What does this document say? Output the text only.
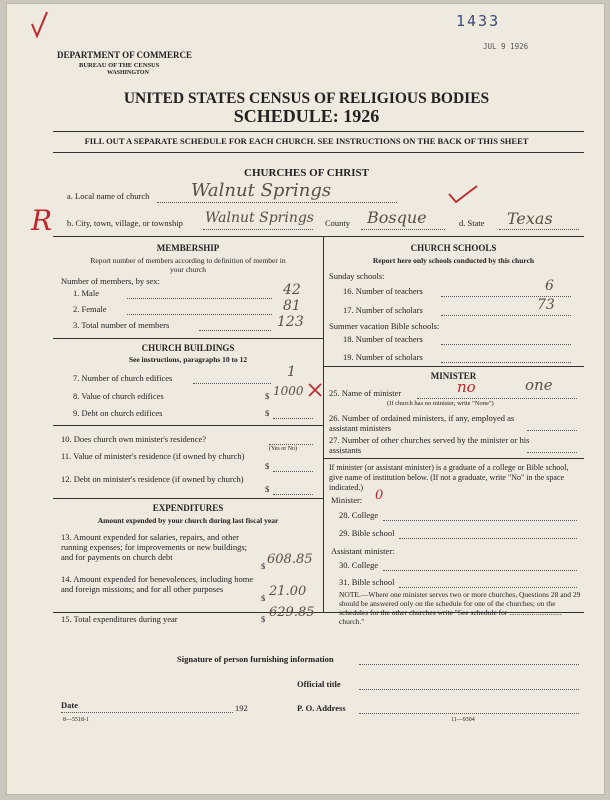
R
1433
JUL 9 1926
DEPARTMENT OF COMMERCE
BUREAU OF THE CENSUS
WASHINGTON
UNITED STATES CENSUS OF RELIGIOUS BODIES
SCHEDULE: 1926
FILL OUT A SEPARATE SCHEDULE FOR EACH CHURCH. SEE INSTRUCTIONS ON THE BACK OF THIS SHEET
CHURCHES OF CHRIST
a. Local name of church Walnut Springs
b. City, town, village, or township Walnut Springs County Bosque	d. State Texas
MEMBERSHIP
Report number of members according to definition of member in your church
Number of members, by sex:
1. Male	42
2. Female	81
3. Total number of members	123
CHURCH BUILDINGS
See instructions, paragraphs 10 to 12
7. Number of church edifices	1
8. Value of church edifices	$ 1000
9. Debt on church edifices	$
10. Does church own minister's residence?
(Yes or No)
11. Value of minister's residence (if owned by church)
$
12. Debt on minister's residence (if owned by church)
$
EXPENDITURES
Amount expended by your church during last fiscal year
13. Amount expended for salaries, repairs, and other running expenses; for improvements or new buildings; and for payments on church debt
$ 608.85
14. Amount expended for benevolences, including home and foreign missions; and for all other purposes
$ 21.00
15. Total expenditures during year	$ 629.85
CHURCH SCHOOLS
Report here only schools conducted by this church
Sunday schools:
16. Number of teachers	6
17. Number of scholars	73
Summer vacation Bible schools:
18. Number of teachers
19. Number of scholars
MINISTER
25. Name of minister	no	one
(If church has no minister, write "None")
26. Number of ordained ministers, if any, employed as assistant ministers
27. Number of other churches served by the minister or his assistants
If minister (or assistant minister) is a graduate of a college or Bible school, give name of institution below. (If not a graduate, write "No" in the space indicated.)
Minister: 0
28. College
29. Bible school
Assistant minister:
30. College
31. Bible school
NOTE.—Where one minister serves two or more churches, Questions 28 and 29 should be answered only on the schedule for one of the churches; on the schedules for the other churches write "See schedule for ............................ church."
Signature of person furnishing information
Official title
Date	192	P. O. Address
8—5518-1	11—9304
